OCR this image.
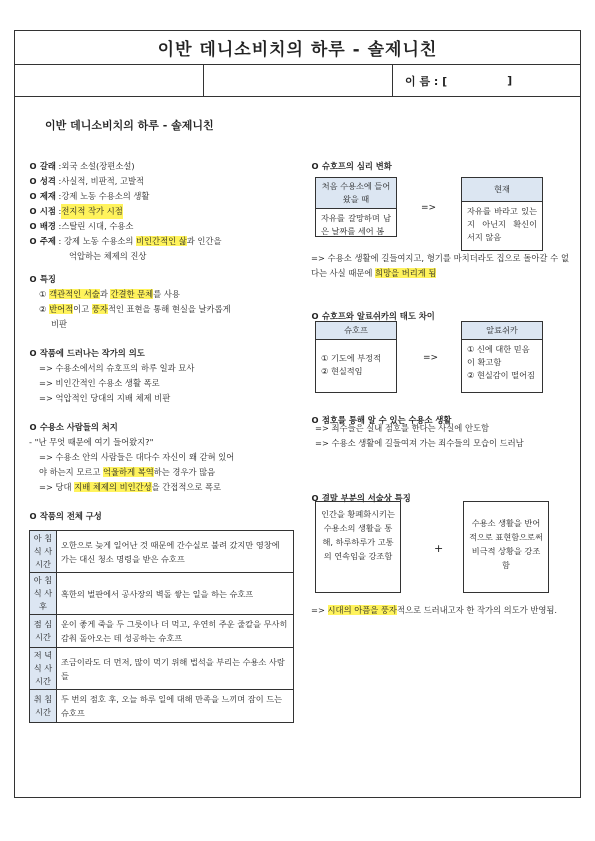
이반 데니소비치의 하루 - 솔제니친
이 름 : [	]
이반 데니소비치의 하루 - 솔제니친
O 갈래 : 외국 소설(장편소설)
O 성격 : 사실적, 비판적, 고발적
O 제재 : 강제 노동 수용소의 생활
O 시점 : 전지적 작가 시점
O 배경 : 스탈린 시대, 수용소
O 주제 : 강제 노동 수용소의 비인간적인 삶과 인간을
억압하는 체제의 진상
O 특징
① 객관적인 서술과 간결한 문체를 사용
② 반어적이고 풍자적인 표현을 통해 현실을 날카롭게
비판
O 작품에 드러나는 작가의 의도
=> 수용소에서의 슈호프의 하루 일과 묘사
=> 비인간적인 수용소 생활 폭로
=> 억압적인 당대의 지배 체제 비판
O 수용소 사람들의 처지
- "난 무엇 때문에 여기 들어왔지?"
=> 수용소 안의 사람들은 대다수 자신이 왜 갇혀 있어
야 하는지 모르고 억울하게 복역하는 경우가 많음
=> 당대 지배 체제의 비인간성을 간접적으로 폭로
O 작품의 전체 구성
아 침 식 사 시간	오한으로 늦게 일어난 것 때문에 간수실로 불려 갔지만 영창에 가는 대신 청소 명령을 받은 슈호프
아 침 식 사 후	혹한의 벌판에서 공사장의 벽돌 쌓는 일을 하는 슈호프
점 심 시간	운이 좋게 죽을 두 그릇이나 더 먹고, 우연히 주운 줄칼을 무사히 감춰 돌아오는 데 성공하는 슈호프
저 녁 식 사 시간	조금이라도 더 먼저, 많이 먹기 위해 법석을 부리는 수용소 사람들
취 침 시간	두 번의 점호 후, 오늘 하루 일에 대해 만족을 느끼며 잠이 드는 슈호프
O 슈호프의 심리 변화
처음 수용소에 들어 왔을 때
자유를 갈망하며 남은 날짜를 세어 봄
=>
현재
자유를 바라고 있는지 아닌지 확신이 서지 않음
=> 수용소 생활에 길들여지고, 형기를 마치더라도 집으로 돌아갈 수 없다는 사실 때문에 희망을 버리게 됨
O 슈호프와 알료쉬카의 태도 차이
슈호프
① 기도에 부정적
② 현실적임
=>
알료쉬카
① 신에 대한 믿음이 확고함
② 현실감이 떨어짐
O 점호를 통해 알 수 있는 수용소 생활
=> 죄수들은 실내 점호를 한다는 사실에 안도함
=> 수용소 생활에 길들여져 가는 죄수들의 모습이 드러남
O 결말 부분의 서술상 특징
인간을 황폐화시키는 수용소의 생활을 통해, 하루하루가 고통의 연속임을 강조함
+
수용소 생활을 반어적으로 표현함으로써 비극적 상황을 강조함
=> 시대의 아픔을 풍자적으로 드러내고자 한 작가의 의도가 반영됨.
